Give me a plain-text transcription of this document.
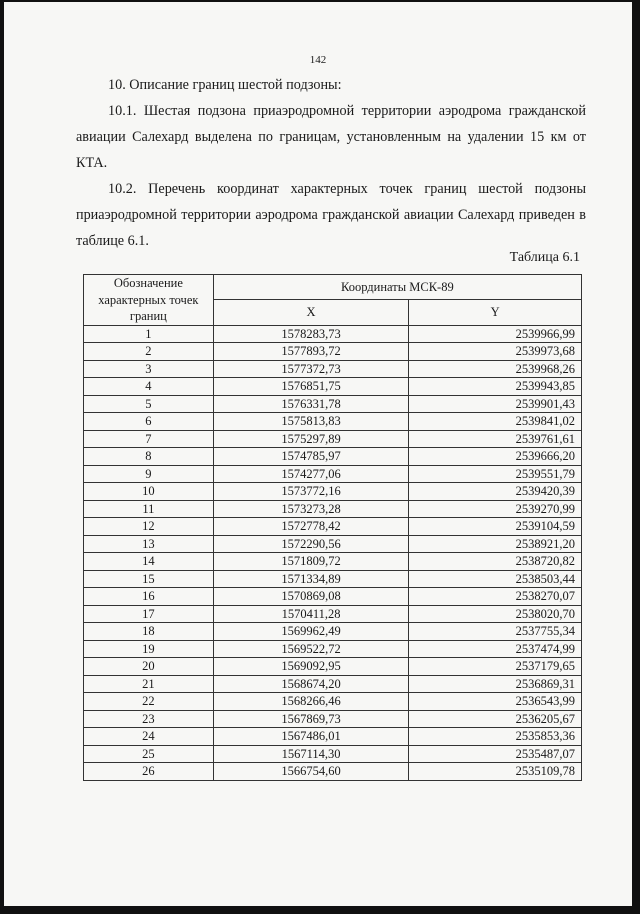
142
10. Описание границ шестой подзоны:
10.1. Шестая подзона приаэродромной территории аэродрома гражданской авиации Салехард выделена по границам, установленным на удалении 15 км от КТА.
10.2. Перечень координат характерных точек границ шестой подзоны приаэродромной территории аэродрома гражданской авиации Салехард приведен в таблице 6.1.
Таблица 6.1
Обозначение характерных точек границ	Координаты МСК-89	
	X	Y
1	1578283,73	2539966,99
2	1577893,72	2539973,68
3	1577372,73	2539968,26
4	1576851,75	2539943,85
5	1576331,78	2539901,43
6	1575813,83	2539841,02
7	1575297,89	2539761,61
8	1574785,97	2539666,20
9	1574277,06	2539551,79
10	1573772,16	2539420,39
11	1573273,28	2539270,99
12	1572778,42	2539104,59
13	1572290,56	2538921,20
14	1571809,72	2538720,82
15	1571334,89	2538503,44
16	1570869,08	2538270,07
17	1570411,28	2538020,70
18	1569962,49	2537755,34
19	1569522,72	2537474,99
20	1569092,95	2537179,65
21	1568674,20	2536869,31
22	1568266,46	2536543,99
23	1567869,73	2536205,67
24	1567486,01	2535853,36
25	1567114,30	2535487,07
26	1566754,60	2535109,78
